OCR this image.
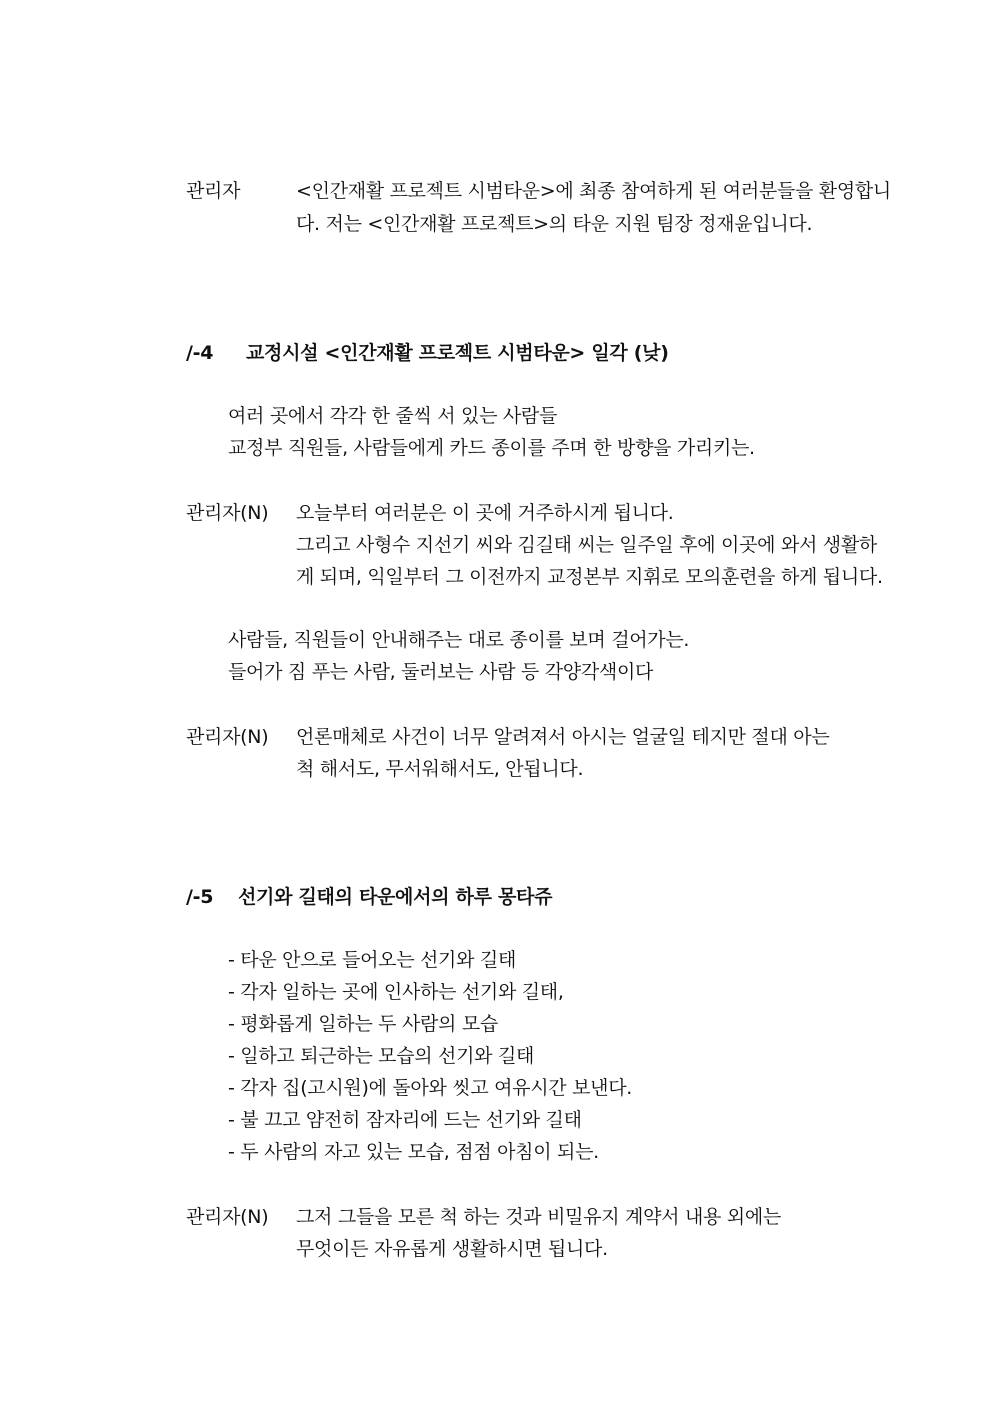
관리자	<인간재활 프로젝트 시범타운>에 최종 참여하게 된 여러분들을 환영합니
다. 저는 <인간재활 프로젝트>의 타운 지원 팀장 정재윤입니다.
/-4 교정시설 <인간재활 프로젝트 시범타운> 일각 (낮)
여러 곳에서 각각 한 줄씩 서 있는 사람들
교정부 직원들, 사람들에게 카드 종이를 주며 한 방향을 가리키는.
관리자(N) 오늘부터 여러분은 이 곳에 거주하시게 됩니다.
그리고 사형수 지선기 씨와 김길태 씨는 일주일 후에 이곳에 와서 생활하
게 되며, 익일부터 그 이전까지 교정본부 지휘로 모의훈련을 하게 됩니다.
사람들, 직원들이 안내해주는 대로 종이를 보며 걸어가는.
들어가 짐 푸는 사람, 둘러보는 사람 등 각양각색이다
관리자(N) 언론매체로 사건이 너무 알려져서 아시는 얼굴일 테지만 절대 아는
척 해서도, 무서워해서도, 안됩니다.
/-5 선기와 길태의 타운에서의 하루 몽타쥬
- 타운 안으로 들어오는 선기와 길태
- 각자 일하는 곳에 인사하는 선기와 길태,
- 평화롭게 일하는 두 사람의 모습
- 일하고 퇴근하는 모습의 선기와 길태
- 각자 집(고시원)에 돌아와 씻고 여유시간 보낸다.
- 불 끄고 얌전히 잠자리에 드는 선기와 길태
- 두 사람의 자고 있는 모습, 점점 아침이 되는.
관리자(N) 그저 그들을 모른 척 하는 것과 비밀유지 계약서 내용 외에는
무엇이든 자유롭게 생활하시면 됩니다.
